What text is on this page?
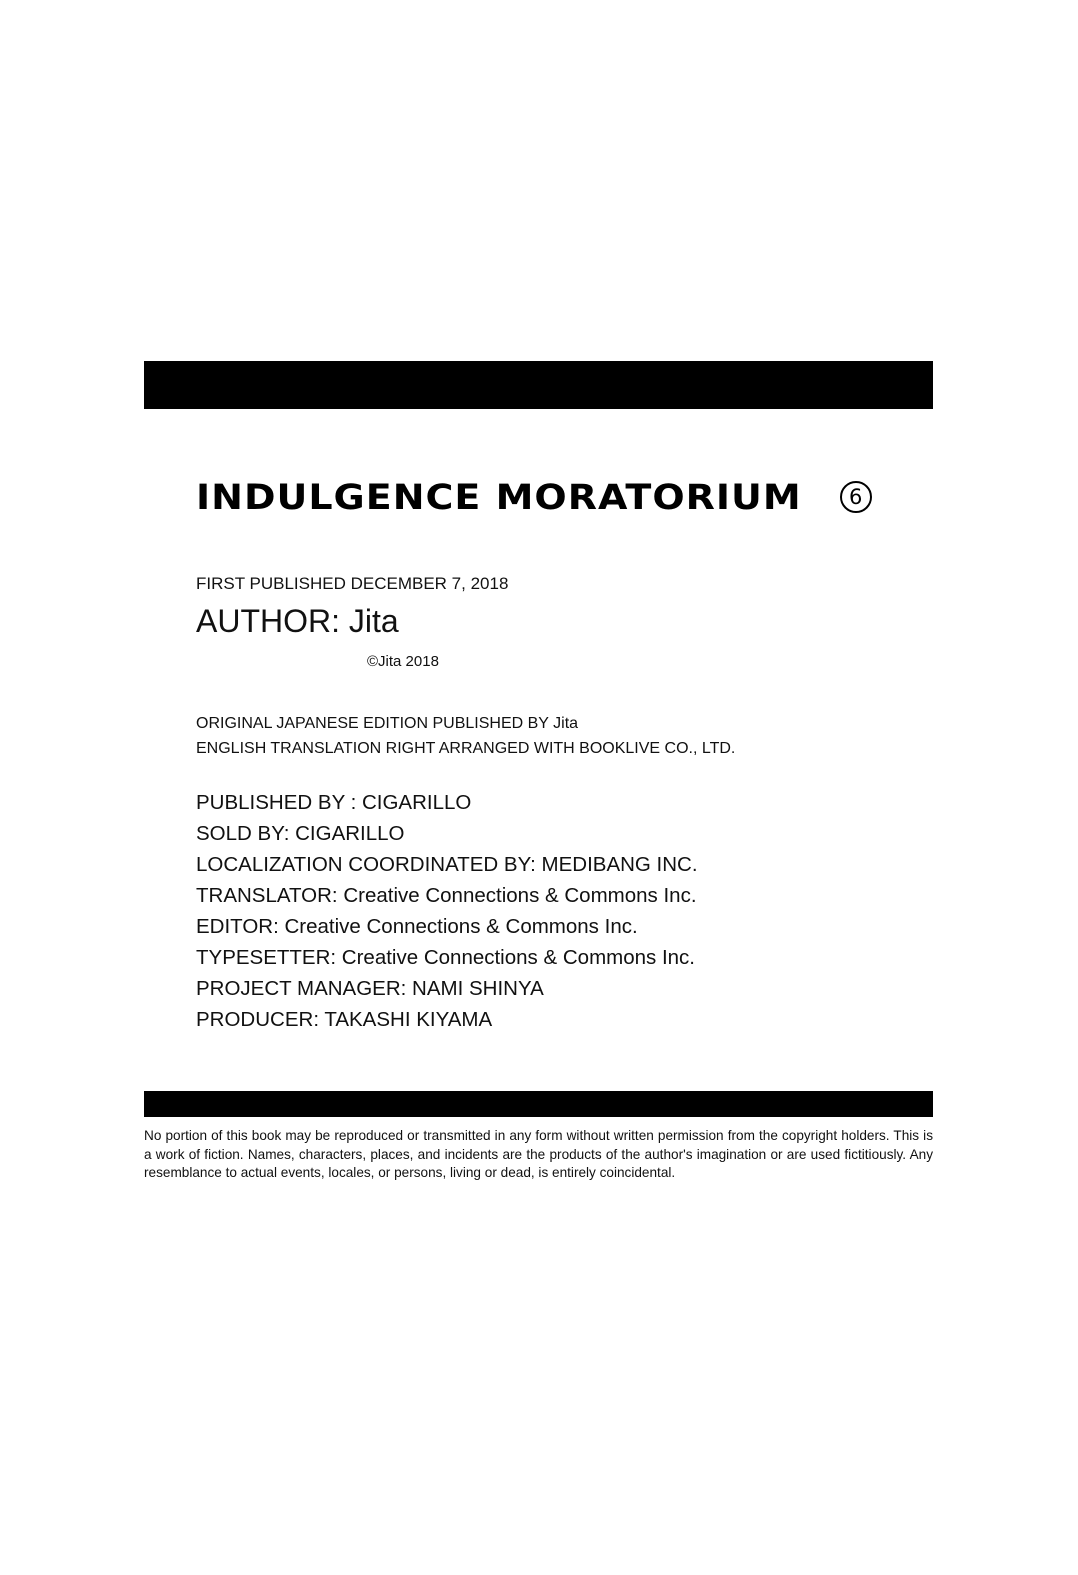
INDULGENCE MORATORIUM	6
FIRST PUBLISHED DECEMBER 7, 2018
AUTHOR: Jita
©Jita 2018
ORIGINAL JAPANESE EDITION PUBLISHED BY Jita
ENGLISH TRANSLATION RIGHT ARRANGED WITH BOOKLIVE CO., LTD.
PUBLISHED BY : CIGARILLO
SOLD BY: CIGARILLO
LOCALIZATION COORDINATED BY: MEDIBANG INC.
TRANSLATOR: Creative Connections & Commons Inc.
EDITOR: Creative Connections & Commons Inc.
TYPESETTER: Creative Connections & Commons Inc.
PROJECT MANAGER: NAMI SHINYA
PRODUCER: TAKASHI KIYAMA
No portion of this book may be reproduced or transmitted in any form without written permission from the copyright holders. This is a work of fiction. Names, characters, places, and incidents are the products of the author's imagination or are used fictitiously. Any resemblance to actual events, locales, or persons, living or dead, is entirely coincidental.
